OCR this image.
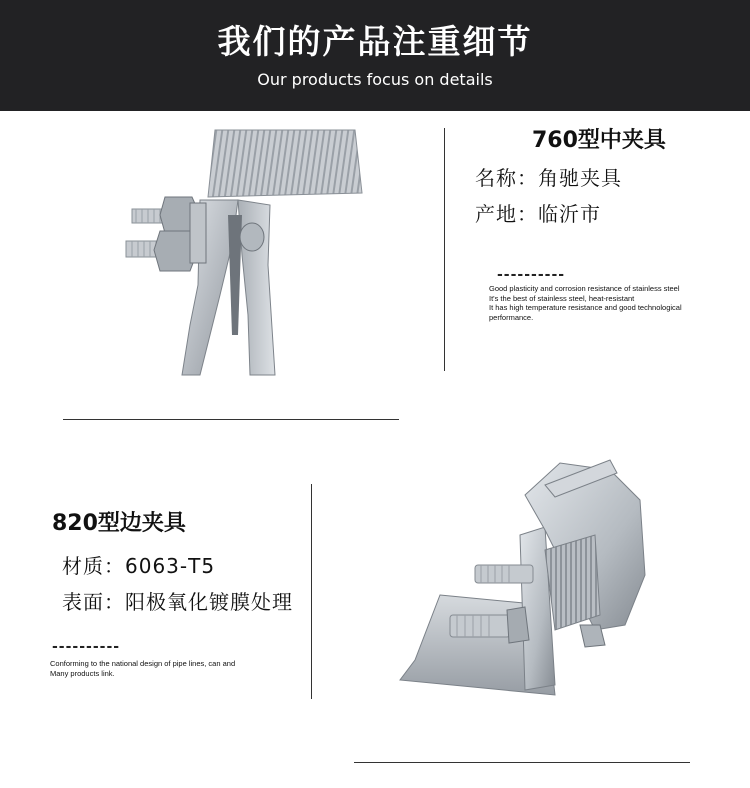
我们的产品注重细节
Our products focus on details
760型中夹具
名称：角驰夹具
产地：临沂市
----------
Good plasticity and corrosion resistance of stainless steel
It's the best of stainless steel, heat-resistant
It has high temperature resistance and good technological
performance.
820型边夹具
材质：6063-T5
表面：阳极氧化镀膜处理
----------
Conforming to the national design of pipe lines, can and
Many products link.
